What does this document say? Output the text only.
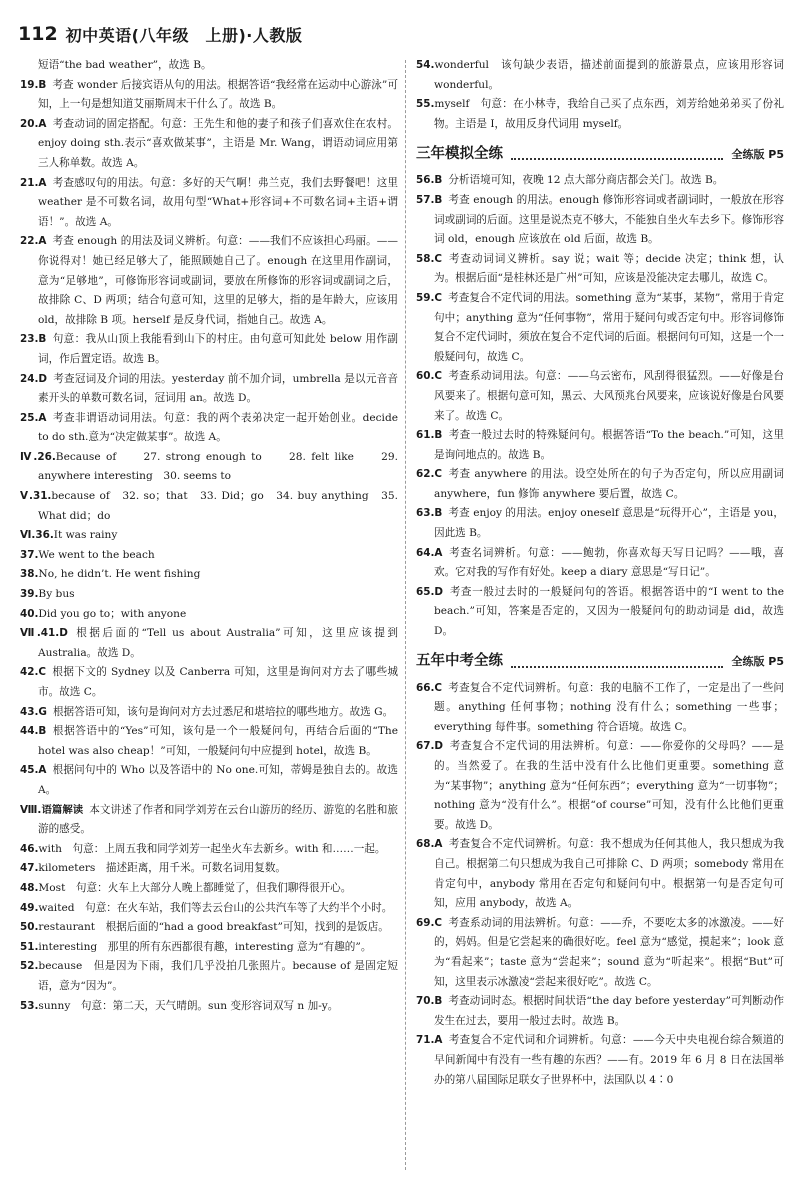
112 初中英语(八年级　上册)·人教版

短语“the bad weather”，故选 B。

19.B 考查 wonder 后接宾语从句的用法。根据答语“我经常在运动中心游泳”可知，上一句是想知道艾丽斯周末干什么了。故选 B。

20.A 考查动词的固定搭配。句意：王先生和他的妻子和孩子们喜欢住在农村。enjoy doing sth.表示“喜欢做某事”，主语是 Mr. Wang，谓语动词应用第三人称单数。故选 A。

21.A 考查感叹句的用法。句意：多好的天气啊！弗兰克，我们去野餐吧！这里 weather 是不可数名词，故用句型“What+形容词+不可数名词+主语+谓语！”。故选 A。

22.A 考查 enough 的用法及词义辨析。句意：——我们不应该担心玛丽。——你说得对！她已经足够大了，能照顾她自己了。enough 在这里用作副词，意为“足够地”，可修饰形容词或副词，要放在所修饰的形容词或副词之后，故排除 C、D 两项；结合句意可知，这里的足够大，指的是年龄大，应该用 old，故排除 B 项。herself 是反身代词，指她自己。故选 A。

23.B 句意：我从山顶上我能看到山下的村庄。由句意可知此处 below 用作副词，作后置定语。故选 B。

24.D 考查冠词及介词的用法。yesterday 前不加介词，umbrella 是以元音音素开头的单数可数名词，冠词用 an。故选 D。

25.A 考查非谓语动词用法。句意：我的两个表弟决定一起开始创业。decide to do sth.意为“决定做某事”。故选 A。

Ⅳ.26.Because of　　27. strong enough to　　28. felt like　　29. anywhere interesting　30. seems to

Ⅴ.31.because of　32. so；that　33. Did；go　34. buy anything　35. What did；do

Ⅵ.36.It was rainy

37.We went to the beach

38.No, he didn’t. He went fishing

39.By bus

40.Did you go to；with anyone

Ⅶ.41.D 根据后面的“Tell us about Australia”可知，这里应该提到 Australia。故选 D。

42.C 根据下文的 Sydney 以及 Canberra 可知，这里是询问对方去了哪些城市。故选 C。

43.G 根据答语可知，该句是询问对方去过悉尼和堪培拉的哪些地方。故选 G。

44.B 根据答语中的“Yes”可知，该句是一个一般疑问句，再结合后面的“The hotel was also cheap！”可知，一般疑问句中应提到 hotel，故选 B。

45.A 根据问句中的 Who 以及答语中的 No one.可知，蒂姆是独自去的。故选 A。

Ⅷ.语篇解读 本文讲述了作者和同学刘芳在云台山游历的经历、游览的名胜和旅游的感受。

46.with　句意：上周五我和同学刘芳一起坐火车去新乡。with 和……一起。

47.kilometers　描述距离，用千米。可数名词用复数。

48.Most　句意：火车上大部分人晚上都睡觉了，但我们聊得很开心。

49.waited　句意：在火车站，我们等去云台山的公共汽车等了大约半个小时。

50.restaurant　根据后面的“had a good breakfast”可知，找到的是饭店。

51.interesting　那里的所有东西都很有趣，interesting 意为“有趣的”。

52.because　但是因为下雨，我们几乎没拍几张照片。because of 是固定短语，意为“因为”。

53.sunny　句意：第二天，天气晴朗。sun 变形容词双写 n 加-y。

54.wonderful　该句缺少表语，描述前面提到的旅游景点，应该用形容词 wonderful。

55.myself　句意：在小林寺，我给自己买了点东西，刘芳给她弟弟买了份礼物。主语是 I，故用反身代词用 myself。

三年模拟全练	全练版 P5

56.B 分析语境可知，夜晚 12 点大部分商店都会关门。故选 B。

57.B 考查 enough 的用法。enough 修饰形容词或者副词时，一般放在形容词或副词的后面。这里是说杰克不够大，不能独自坐火车去乡下。修饰形容词 old，enough 应该放在 old 后面，故选 B。

58.C 考查动词词义辨析。say 说；wait 等；decide 决定；think 想，认为。根据后面“是桂林还是广州”可知，应该是没能决定去哪儿，故选 C。

59.C 考查复合不定代词的用法。something 意为“某事，某物”，常用于肯定句中；anything 意为“任何事物”，常用于疑问句或否定句中。形容词修饰复合不定代词时，须放在复合不定代词的后面。根据问句可知，这是一个一般疑问句，故选 C。

60.C 考查系动词用法。句意：——乌云密布，风刮得很猛烈。——好像是台风要来了。根据句意可知，黑云、大风预兆台风要来，应该说好像是台风要来了。故选 C。

61.B 考查一般过去时的特殊疑问句。根据答语“To the beach.”可知，这里是询问地点的。故选 B。

62.C 考查 anywhere 的用法。设空处所在的句子为否定句，所以应用副词 anywhere，fun 修饰 anywhere 要后置，故选 C。

63.B 考查 enjoy 的用法。enjoy oneself 意思是“玩得开心”，主语是 you，因此选 B。

64.A 考查名词辨析。句意：——鲍勃，你喜欢每天写日记吗？——哦，喜欢。它对我的写作有好处。keep a diary 意思是“写日记”。

65.D 考查一般过去时的一般疑问句的答语。根据答语中的“I went to the beach.”可知，答案是否定的，又因为一般疑问句的助动词是 did，故选 D。

五年中考全练	全练版 P5

66.C 考查复合不定代词辨析。句意：我的电脑不工作了，一定是出了一些问题。anything 任何事物；nothing 没有什么；something 一些事；everything 每件事。something 符合语境。故选 C。

67.D 考查复合不定代词的用法辨析。句意：——你爱你的父母吗？——是的。当然爱了。在我的生活中没有什么比他们更重要。something 意为“某事物”；anything 意为“任何东西”；everything 意为“一切事物”；nothing 意为“没有什么”。根据“of course”可知，没有什么比他们更重要。故选 D。

68.A 考查复合不定代词辨析。句意：我不想成为任何其他人，我只想成为我自己。根据第二句只想成为我自己可排除 C、D 两项；somebody 常用在肯定句中，anybody 常用在否定句和疑问句中。根据第一句是否定句可知，应用 anybody，故选 A。

69.C 考查系动词的用法辨析。句意：——乔，不要吃太多的冰激凌。——好的，妈妈。但是它尝起来的确很好吃。feel 意为“感觉，摸起来”；look 意为“看起来”；taste 意为“尝起来”；sound 意为“听起来”。根据“But”可知，这里表示冰激凌“尝起来很好吃”。故选 C。

70.B 考查动词时态。根据时间状语“the day before yesterday”可判断动作发生在过去，要用一般过去时。故选 B。

71.A 考查复合不定代词和介词辨析。句意：——今天中央电视台综合频道的早间新闻中有没有一些有趣的东西？——有。2019 年 6 月 8 日在法国举办的第八届国际足联女子世界杯中，法国队以 4∶0
